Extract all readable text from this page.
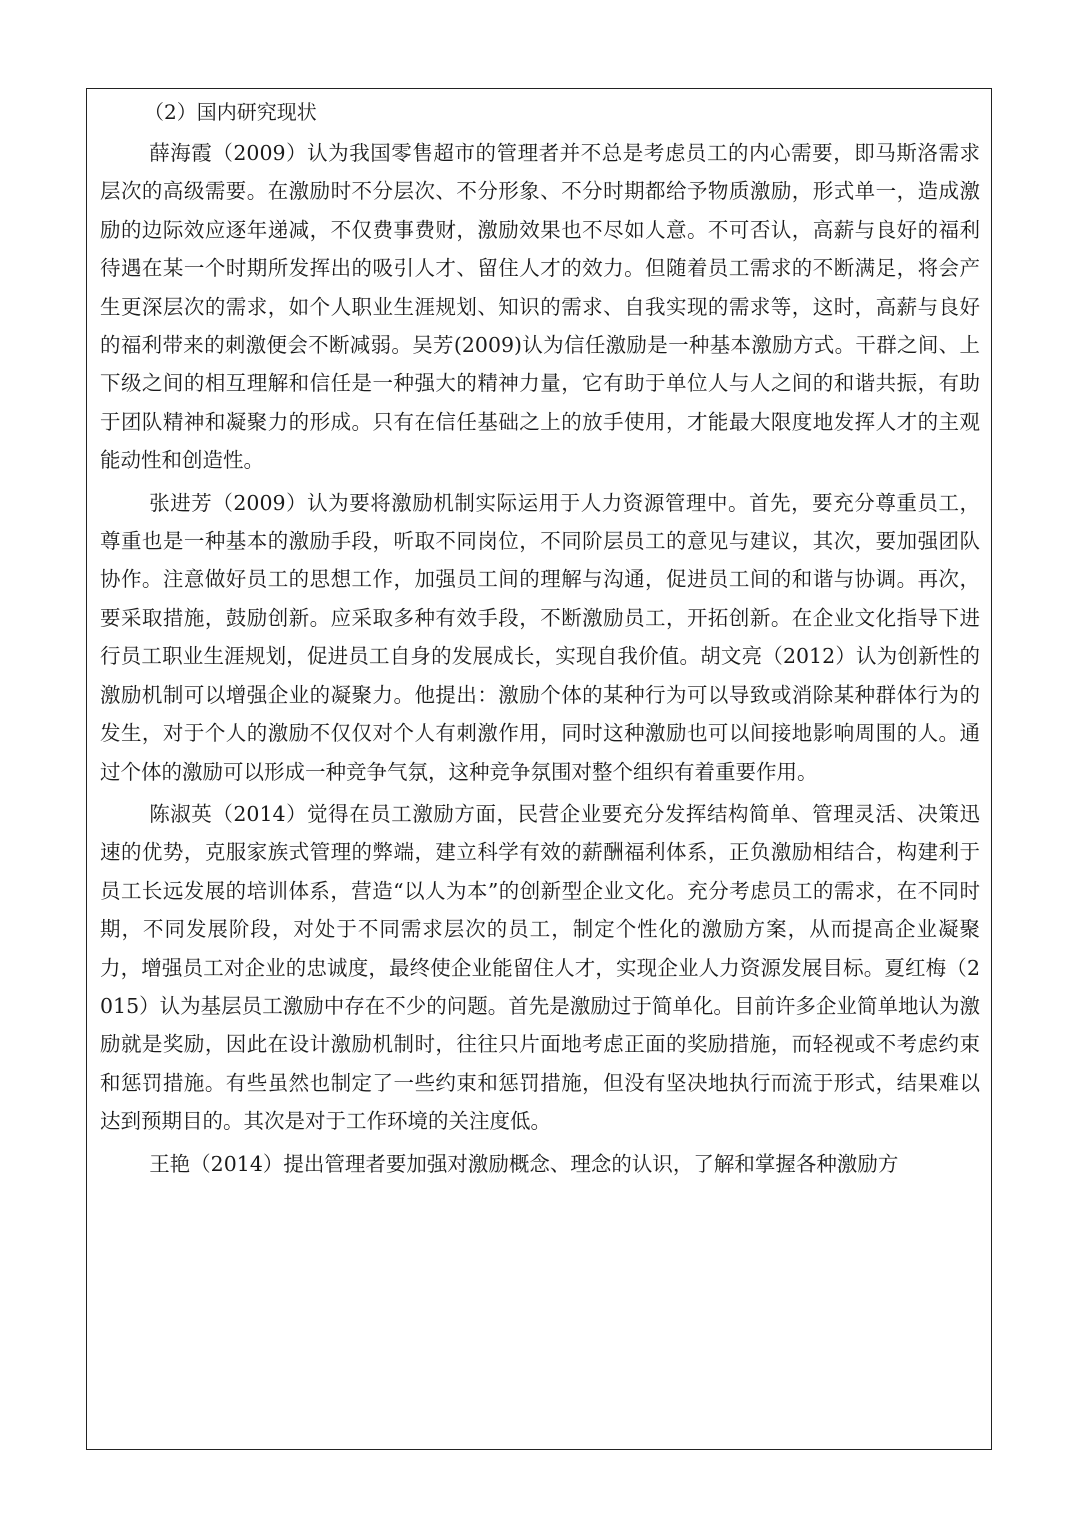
（2）国内研究现状

薛海霞（2009）认为我国零售超市的管理者并不总是考虑员工的内心需要，即马斯洛需求层次的高级需要。在激励时不分层次、不分形象、不分时期都给予物质激励，形式单一，造成激励的边际效应逐年递减，不仅费事费财，激励效果也不尽如人意。不可否认，高薪与良好的福利待遇在某一个时期所发挥出的吸引人才、留住人才的效力。但随着员工需求的不断满足，将会产生更深层次的需求，如个人职业生涯规划、知识的需求、自我实现的需求等，这时，高薪与良好的福利带来的刺激便会不断减弱。吴芳(2009)认为信任激励是一种基本激励方式。干群之间、上下级之间的相互理解和信任是一种强大的精神力量，它有助于单位人与人之间的和谐共振，有助于团队精神和凝聚力的形成。只有在信任基础之上的放手使用，才能最大限度地发挥人才的主观能动性和创造性。

张进芳（2009）认为要将激励机制实际运用于人力资源管理中。首先，要充分尊重员工，尊重也是一种基本的激励手段，听取不同岗位，不同阶层员工的意见与建议，其次，要加强团队协作。注意做好员工的思想工作，加强员工间的理解与沟通，促进员工间的和谐与协调。再次，要采取措施，鼓励创新。应采取多种有效手段，不断激励员工，开拓创新。在企业文化指导下进行员工职业生涯规划，促进员工自身的发展成长，实现自我价值。胡文亮（2012）认为创新性的激励机制可以增强企业的凝聚力。他提出：激励个体的某种行为可以导致或消除某种群体行为的发生，对于个人的激励不仅仅对个人有刺激作用，同时这种激励也可以间接地影响周围的人。通过个体的激励可以形成一种竞争气氛，这种竞争氛围对整个组织有着重要作用。

陈淑英（2014）觉得在员工激励方面，民营企业要充分发挥结构简单、管理灵活、决策迅速的优势，克服家族式管理的弊端，建立科学有效的薪酬福利体系，正负激励相结合，构建利于员工长远发展的培训体系，营造“以人为本”的创新型企业文化。充分考虑员工的需求，在不同时期，不同发展阶段，对处于不同需求层次的员工，制定个性化的激励方案，从而提高企业凝聚力，增强员工对企业的忠诚度，最终使企业能留住人才，实现企业人力资源发展目标。夏红梅（2015）认为基层员工激励中存在不少的问题。首先是激励过于简单化。目前许多企业简单地认为激励就是奖励，因此在设计激励机制时，往往只片面地考虑正面的奖励措施，而轻视或不考虑约束和惩罚措施。有些虽然也制定了一些约束和惩罚措施，但没有坚决地执行而流于形式，结果难以达到预期目的。其次是对于工作环境的关注度低。

王艳（2014）提出管理者要加强对激励概念、理念的认识，了解和掌握各种激励方
